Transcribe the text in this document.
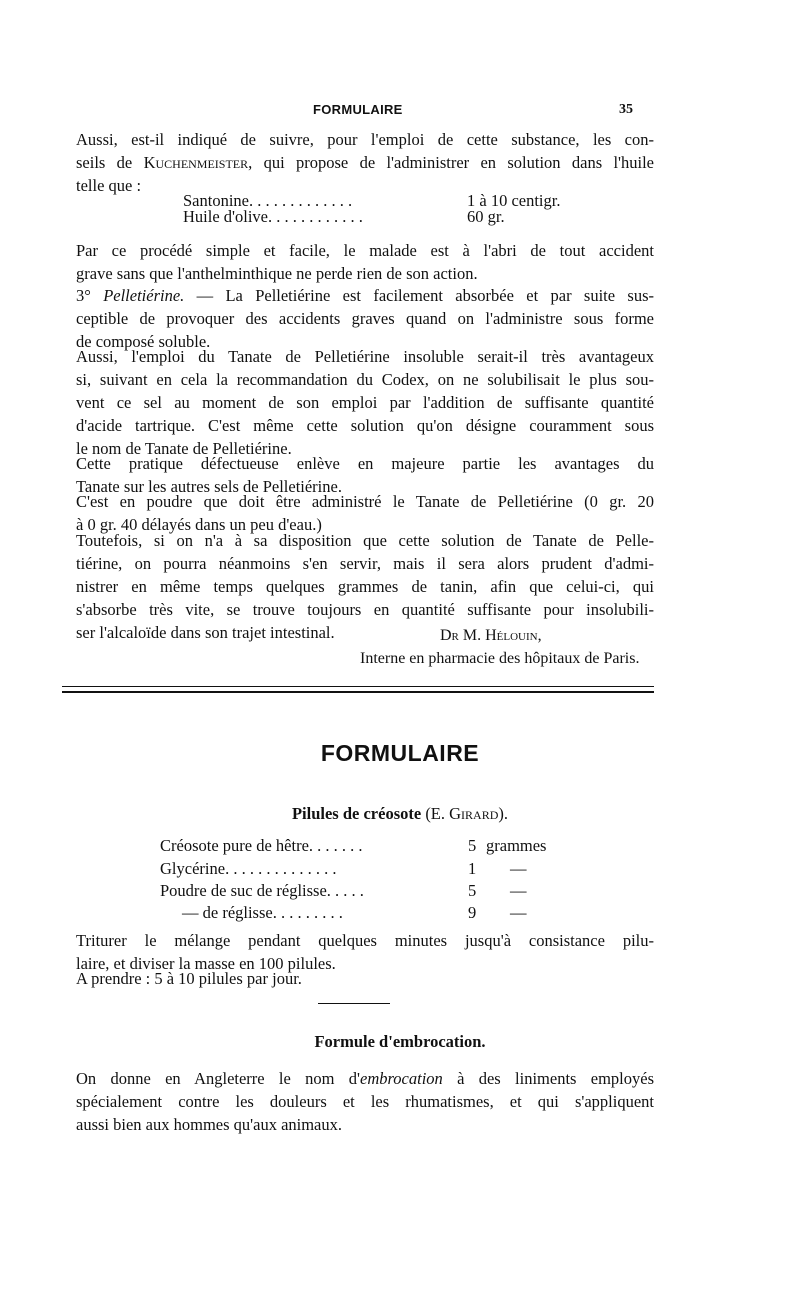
FORMULAIRE	35
Aussi, est-il indiqué de suivre, pour l'emploi de cette substance, les con-
seils de Kuchenmeister, qui propose de l'administrer en solution dans l'huile
telle que :
Santonine. . . . . . . . . . . . .	1 à 10 centigr.
Huile d'olive. . . . . . . . . . . .	60 gr.
Par ce procédé simple et facile, le malade est à l'abri de tout accident
grave sans que l'anthelminthique ne perde rien de son action.
3° Pelletiérine. — La Pelletiérine est facilement absorbée et par suite sus-
ceptible de provoquer des accidents graves quand on l'administre sous forme
de composé soluble.
Aussi, l'emploi du Tanate de Pelletiérine insoluble serait-il très avantageux
si, suivant en cela la recommandation du Codex, on ne solubilisait le plus sou-
vent ce sel au moment de son emploi par l'addition de suffisante quantité
d'acide tartrique. C'est même cette solution qu'on désigne couramment sous
le nom de Tanate de Pelletiérine.
Cette pratique défectueuse enlève en majeure partie les avantages du
Tanate sur les autres sels de Pelletiérine.
C'est en poudre que doit être administré le Tanate de Pelletiérine (0 gr. 20
à 0 gr. 40 délayés dans un peu d'eau.)
Toutefois, si on n'a à sa disposition que cette solution de Tanate de Pelle-
tiérine, on pourra néanmoins s'en servir, mais il sera alors prudent d'admi-
nistrer en même temps quelques grammes de tanin, afin que celui-ci, qui
s'absorbe très vite, se trouve toujours en quantité suffisante pour insolubili-
ser l'alcaloïde dans son trajet intestinal.	Dr M. Hélouin,
Interne en pharmacie des hôpitaux de Paris.
FORMULAIRE
Pilules de créosote (E. Girard).
Créosote pure de hêtre. . . . . . .	5 grammes
Glycérine. . . . . . . . . . . . . .	1 —
Poudre de suc de réglisse. . . . .	5 —
— de réglisse. . . . . . . . .	9 —
Triturer le mélange pendant quelques minutes jusqu'à consistance pilu-
laire, et diviser la masse en 100 pilules.
A prendre : 5 à 10 pilules par jour.
Formule d'embrocation.
On donne en Angleterre le nom d'embrocation à des liniments employés
spécialement contre les douleurs et les rhumatismes, et qui s'appliquent
aussi bien aux hommes qu'aux animaux.
